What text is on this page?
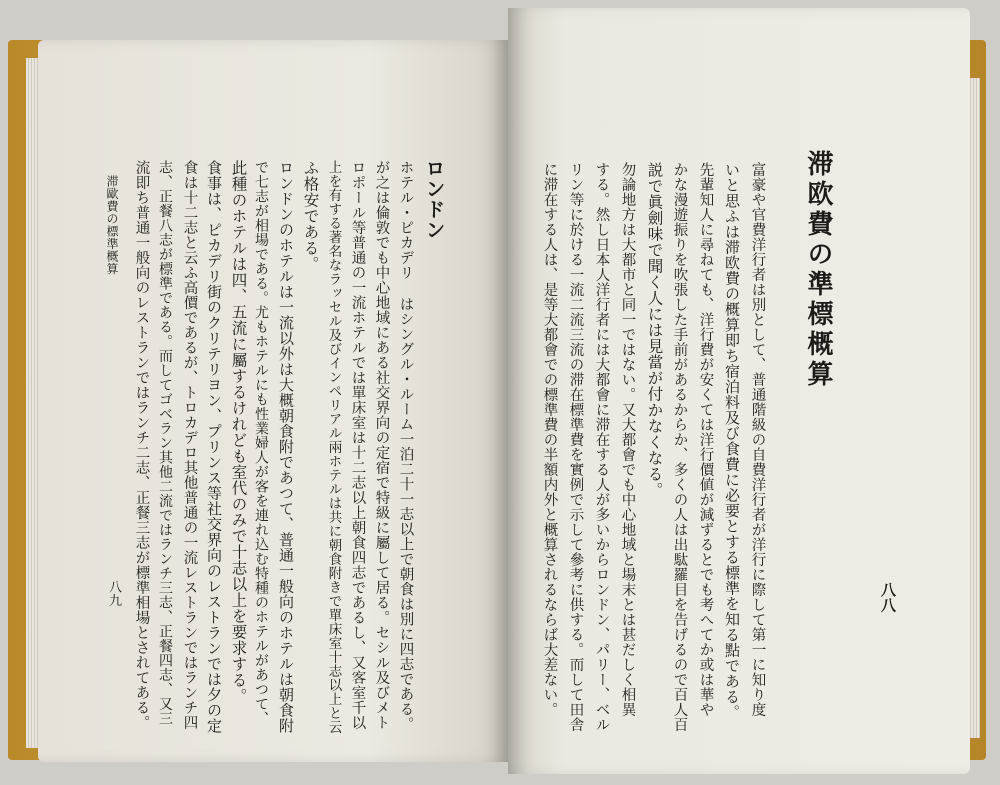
滞欧費の準標概算
富豪や官費洋行者は別として、普通階級の自費洋行者が洋行に際して第一に知り度
いと思ふは滞欧費の概算即ち宿泊料及び食費に必要とする標準を知る點である。
先輩知人に尋ねても、洋行費が安くては洋行價値が減ずるとでも考へてか或は華や
かな漫遊振りを吹張した手前があるからか、多くの人は出駄羅目を告げるので百人百
説で眞劍味で聞く人には見當が付かなくなる。
勿論地方は大都市と同一ではない。又大都會でも中心地域と場末とは甚だしく相異
する。然し日本人洋行者には大都會に滞在する人が多いからロンドン、パリー、ベル
リン等に於ける一流二流三流の滞在標準費を實例で示して參考に供する。而して田舎
に滞在する人は、是等大都會での標準費の半額内外と概算されるならば大差ない。	八八
ロンドン
ホテル・ピカデリ はシングル・ルーム一泊二十一志以上で朝食は別に四志である。
が之は倫敦でも中心地域にある社交界向の定宿で特級に屬して居る。セシル及びメト
ロポール等普通の一流ホテルでは單床室は十二志以上朝食四志であるし、又客室千以
上を有する著名なラッセル及びインペリアル兩ホテルは共に朝食附きで單床室十志以上と云
ふ格安である。
ロンドンのホテルは一流以外は大概朝食附であつて、普通一般向のホテルは朝食附
で七志が相場である。尤もホテルにも性業婦人が客を連れ込む特種のホテルがあつて、
此種のホテルは四、五流に屬するけれども室代のみで十志以上を要求する。
食事は、ピカデリ街のクリテリヨン、プリンス等社交界向のレストランでは夕の定
食は十二志と云ふ高價であるが、トロカデロ其他普通の一流レストランではランチ四
志、正餐八志が標準である。而してゴベラン其他二流ではランチ三志、正餐四志、又三
流即ち普通一般向のレストランではランチ二志、正餐三志が標準相場とされてある。
滞歐費の標準概算
八九
